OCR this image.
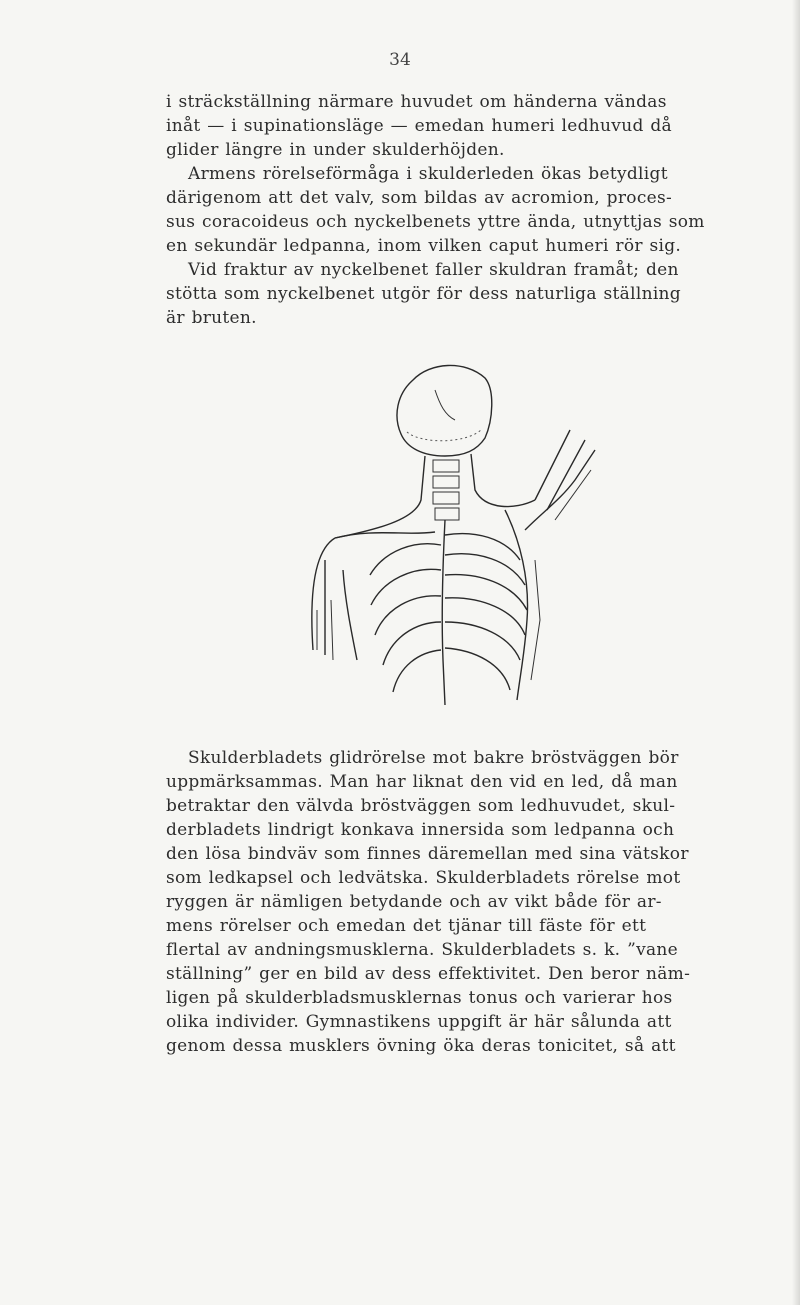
34

i sträckställning närmare huvudet om händerna vändas
inåt — i supinationsläge — emedan humeri ledhuvud då
glider längre in under skulderhöjden.
Armens rörelseförmåga i skulderleden ökas betydligt
därigenom att det valv, som bildas av acromion, proces-
sus coracoideus och nyckelbenets yttre ända, utnyttjas som
en sekundär ledpanna, inom vilken caput humeri rör sig.
Vid fraktur av nyckelbenet faller skuldran framåt; den
stötta som nyckelbenet utgör för dess naturliga ställning
är bruten.

Skulderbladets glidrörelse mot bakre bröstväggen bör
uppmärksammas. Man har liknat den vid en led, då man
betraktar den välvda bröstväggen som ledhuvudet, skul-
derbladets lindrigt konkava innersida som ledpanna och
den lösa bindväv som finnes däremellan med sina vätskor
som ledkapsel och ledvätska. Skulderbladets rörelse mot
ryggen är nämligen betydande och av vikt både för ar-
mens rörelser och emedan det tjänar till fäste för ett
flertal av andningsmusklerna. Skulderbladets s. k. ”vane
ställning” ger en bild av dess effektivitet. Den beror näm-
ligen på skulderbladsmusklernas tonus och varierar hos
olika individer. Gymnastikens uppgift är här sålunda att
genom dessa musklers övning öka deras tonicitet, så att
